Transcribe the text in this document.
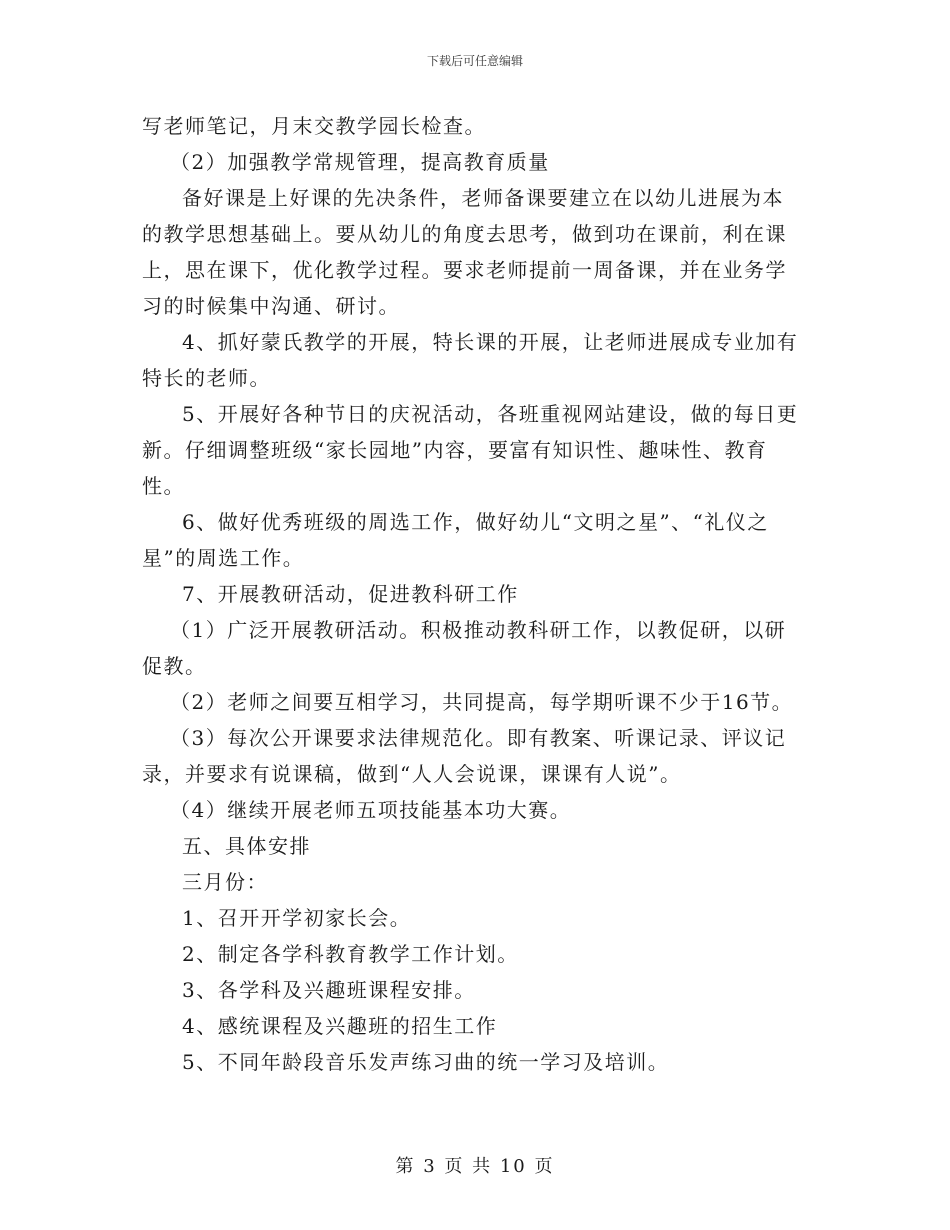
下载后可任意编辑
写老师笔记，月末交教学园长检查。
（2）加强教学常规管理，提高教育质量
备好课是上好课的先决条件，老师备课要建立在以幼儿进展为本
的教学思想基础上。要从幼儿的角度去思考，做到功在课前，利在课
上，思在课下，优化教学过程。要求老师提前一周备课，并在业务学
习的时候集中沟通、研讨。
4、抓好蒙氏教学的开展，特长课的开展，让老师进展成专业加有
特长的老师。
5、开展好各种节日的庆祝活动，各班重视网站建设，做的每日更
新。仔细调整班级“家长园地”内容，要富有知识性、趣味性、教育
性。
6、做好优秀班级的周选工作，做好幼儿“文明之星”、“礼仪之
星”的周选工作。
7、开展教研活动，促进教科研工作
（1）广泛开展教研活动。积极推动教科研工作，以教促研，以研
促教。
（2）老师之间要互相学习，共同提高，每学期听课不少于16节。
（3）每次公开课要求法律规范化。即有教案、听课记录、评议记
录，并要求有说课稿，做到“人人会说课，课课有人说”。
（4）继续开展老师五项技能基本功大赛。
五、具体安排
三月份：
1、召开开学初家长会。
2、制定各学科教育教学工作计划。
3、各学科及兴趣班课程安排。
4、感统课程及兴趣班的招生工作
5、不同年龄段音乐发声练习曲的统一学习及培训。
第 3 页 共 10 页
